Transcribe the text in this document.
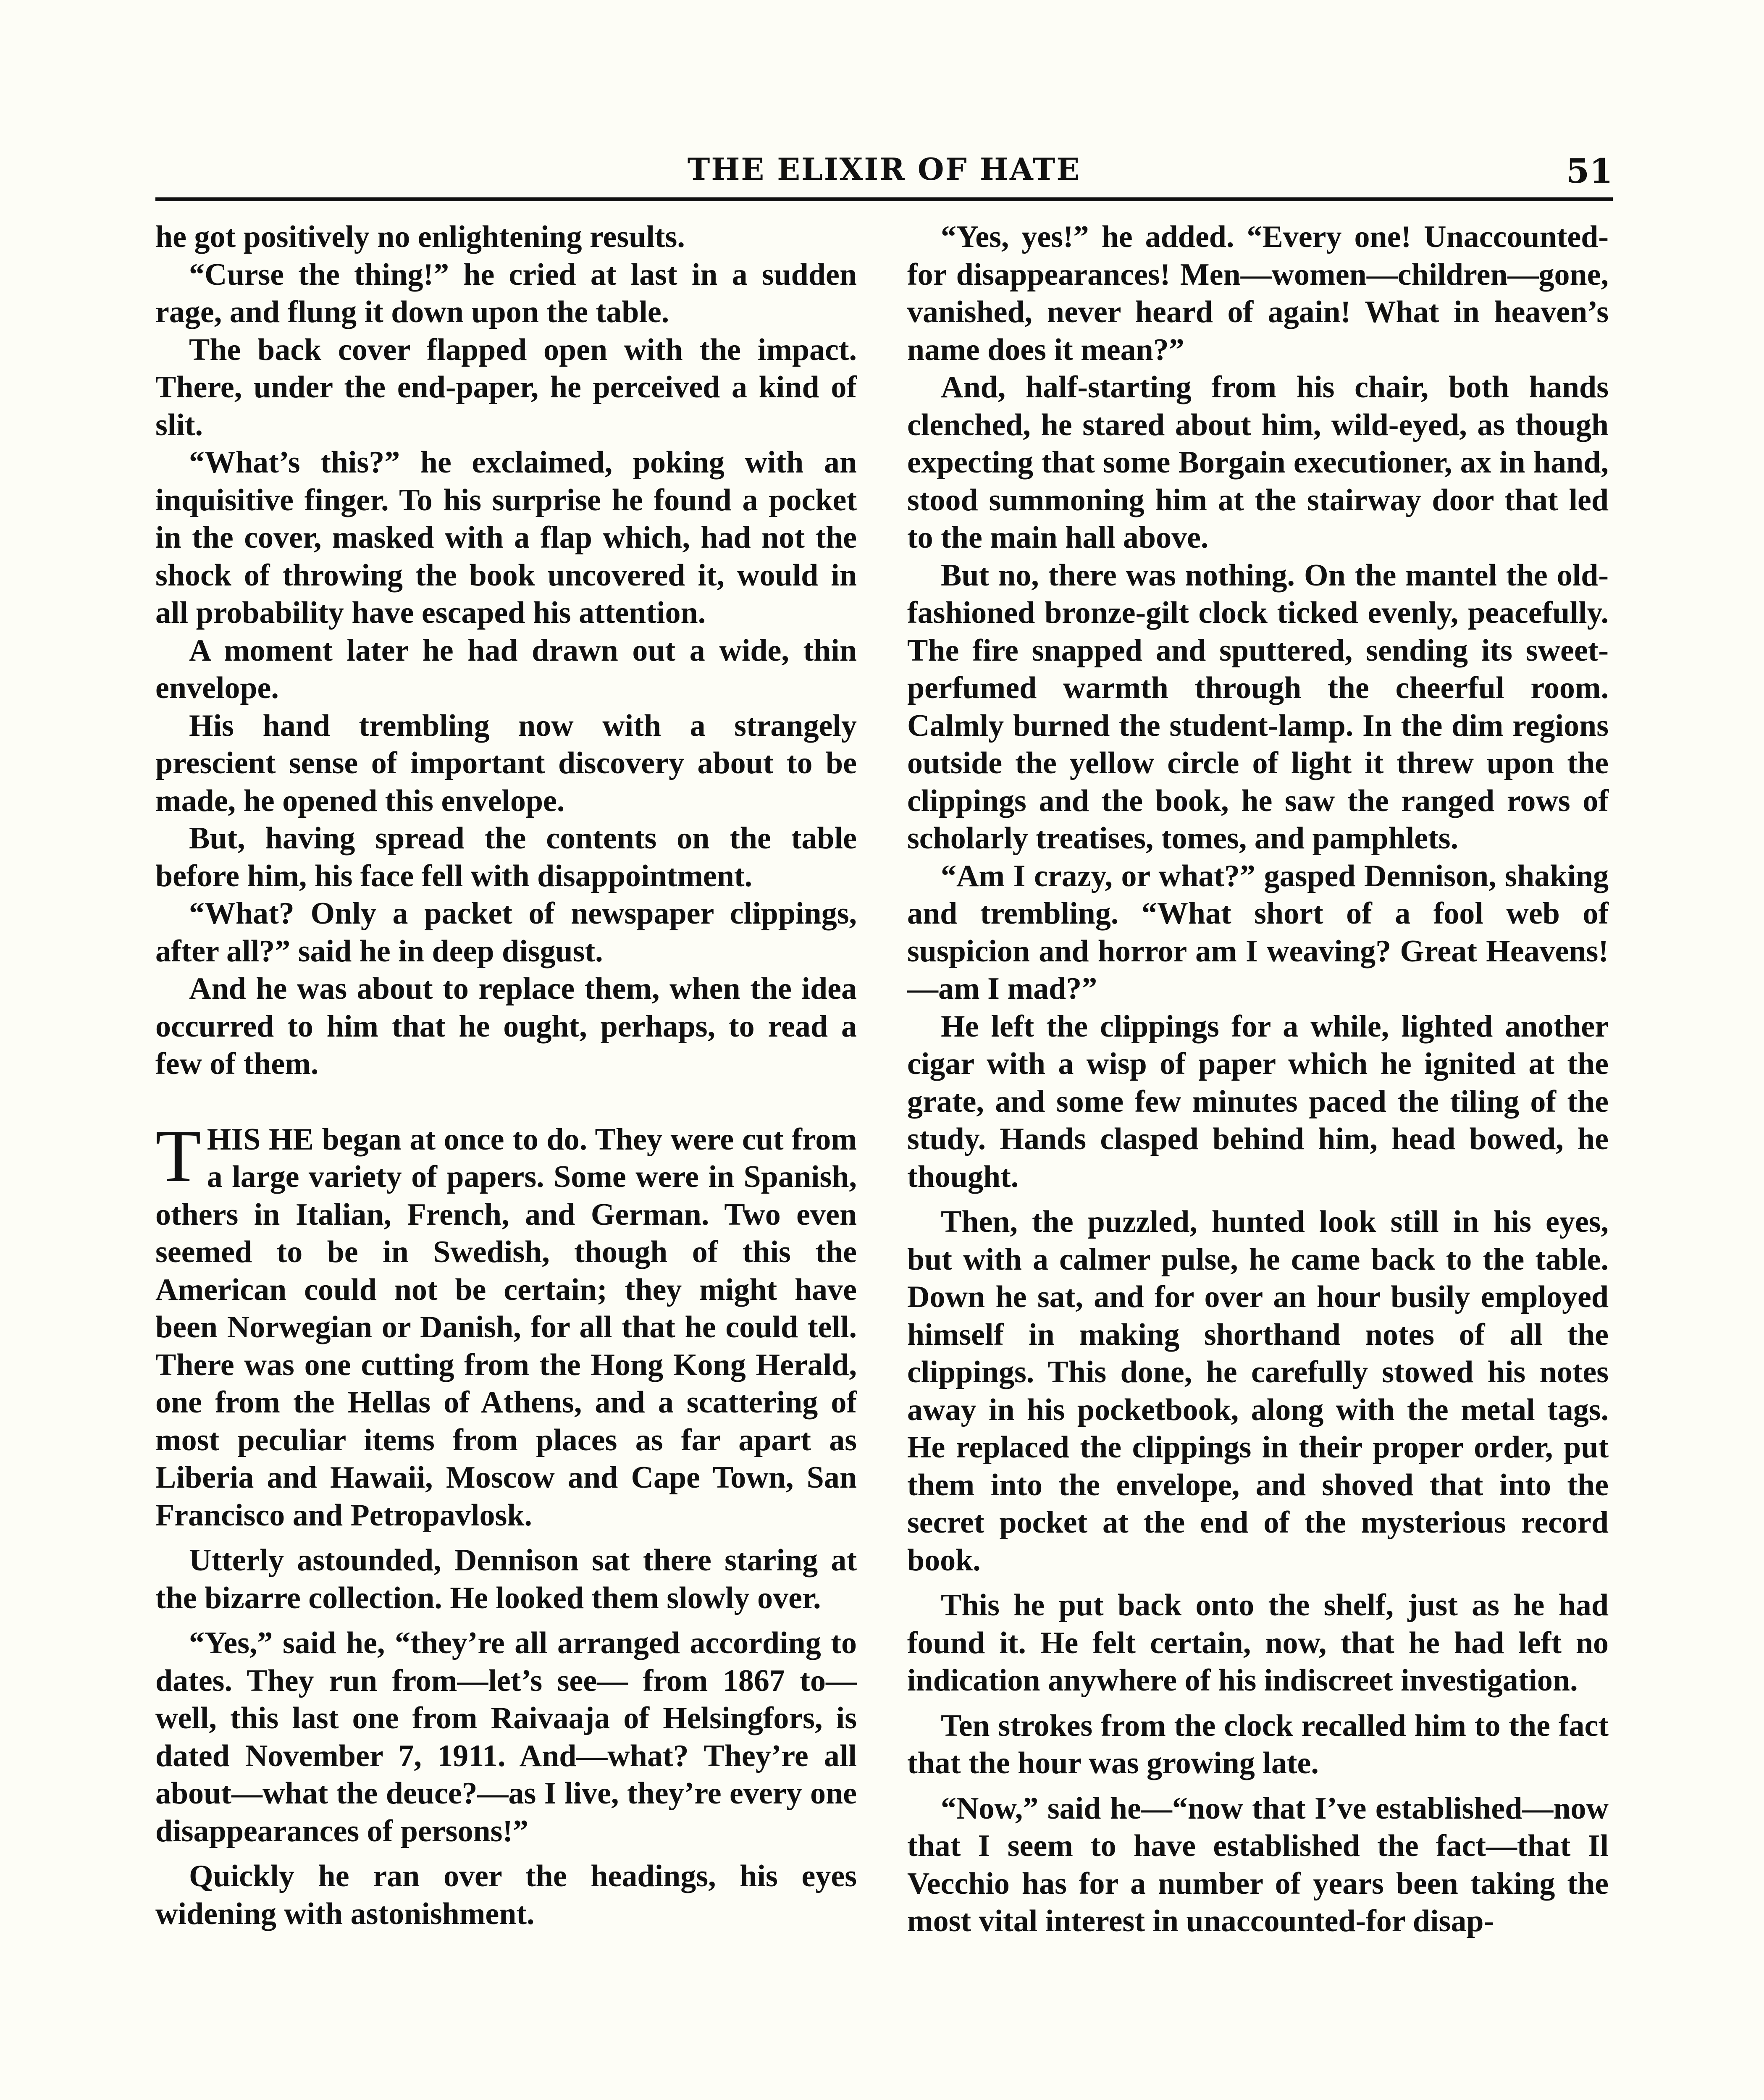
THE ELIXIR OF HATE	51

he got positively no enlightening results.

“Curse the thing!” he cried at last in a sudden rage, and flung it down upon the table.

The back cover flapped open with the impact. There, under the end-paper, he perceived a kind of slit.

“What’s this?” he exclaimed, poking with an inquisitive finger. To his surprise he found a pocket in the cover, masked with a flap which, had not the shock of throwing the book uncovered it, would in all probability have escaped his attention.

A moment later he had drawn out a wide, thin envelope.

His hand trembling now with a strangely prescient sense of important discovery about to be made, he opened this envelope.

But, having spread the contents on the table before him, his face fell with disappointment.

“What? Only a packet of newspaper clippings, after all?” said he in deep disgust.

And he was about to replace them, when the idea occurred to him that he ought, perhaps, to read a few of them.

THIS HE began at once to do. They were cut from a large variety of papers. Some were in Spanish, others in Italian, French, and German. Two even seemed to be in Swedish, though of this the American could not be certain; they might have been Norwegian or Danish, for all that he could tell. There was one cutting from the Hong Kong Herald, one from the Hellas of Athens, and a scattering of most peculiar items from places as far apart as Liberia and Hawaii, Moscow and Cape Town, San Francisco and Petropavlosk.

Utterly astounded, Dennison sat there staring at the bizarre collection. He looked them slowly over.

“Yes,” said he, “they’re all arranged according to dates. They run from—let’s see— from 1867 to—well, this last one from Raivaaja of Helsingfors, is dated November 7, 1911. And—what? They’re all about—what the deuce?—as I live, they’re every one disappearances of persons!”

Quickly he ran over the headings, his eyes widening with astonishment.

“Yes, yes!” he added. “Every one! Unaccounted-for disappearances! Men—women—children—gone, vanished, never heard of again! What in heaven’s name does it mean?”

And, half-starting from his chair, both hands clenched, he stared about him, wild-eyed, as though expecting that some Borgain executioner, ax in hand, stood summoning him at the stairway door that led to the main hall above.

But no, there was nothing. On the mantel the old-fashioned bronze-gilt clock ticked evenly, peacefully. The fire snapped and sputtered, sending its sweet-perfumed warmth through the cheerful room. Calmly burned the student-lamp. In the dim regions outside the yellow circle of light it threw upon the clippings and the book, he saw the ranged rows of scholarly treatises, tomes, and pamphlets.

“Am I crazy, or what?” gasped Dennison, shaking and trembling. “What short of a fool web of suspicion and horror am I weaving? Great Heavens!—am I mad?”

He left the clippings for a while, lighted another cigar with a wisp of paper which he ignited at the grate, and some few minutes paced the tiling of the study. Hands clasped behind him, head bowed, he thought.

Then, the puzzled, hunted look still in his eyes, but with a calmer pulse, he came back to the table. Down he sat, and for over an hour busily employed himself in making shorthand notes of all the clippings. This done, he carefully stowed his notes away in his pocketbook, along with the metal tags. He replaced the clippings in their proper order, put them into the envelope, and shoved that into the secret pocket at the end of the mysterious record book.

This he put back onto the shelf, just as he had found it. He felt certain, now, that he had left no indication anywhere of his indiscreet investigation.

Ten strokes from the clock recalled him to the fact that the hour was growing late.

“Now,” said he—“now that I’ve established—now that I seem to have established the fact—that Il Vecchio has for a number of years been taking the most vital interest in unaccounted-for disap-
